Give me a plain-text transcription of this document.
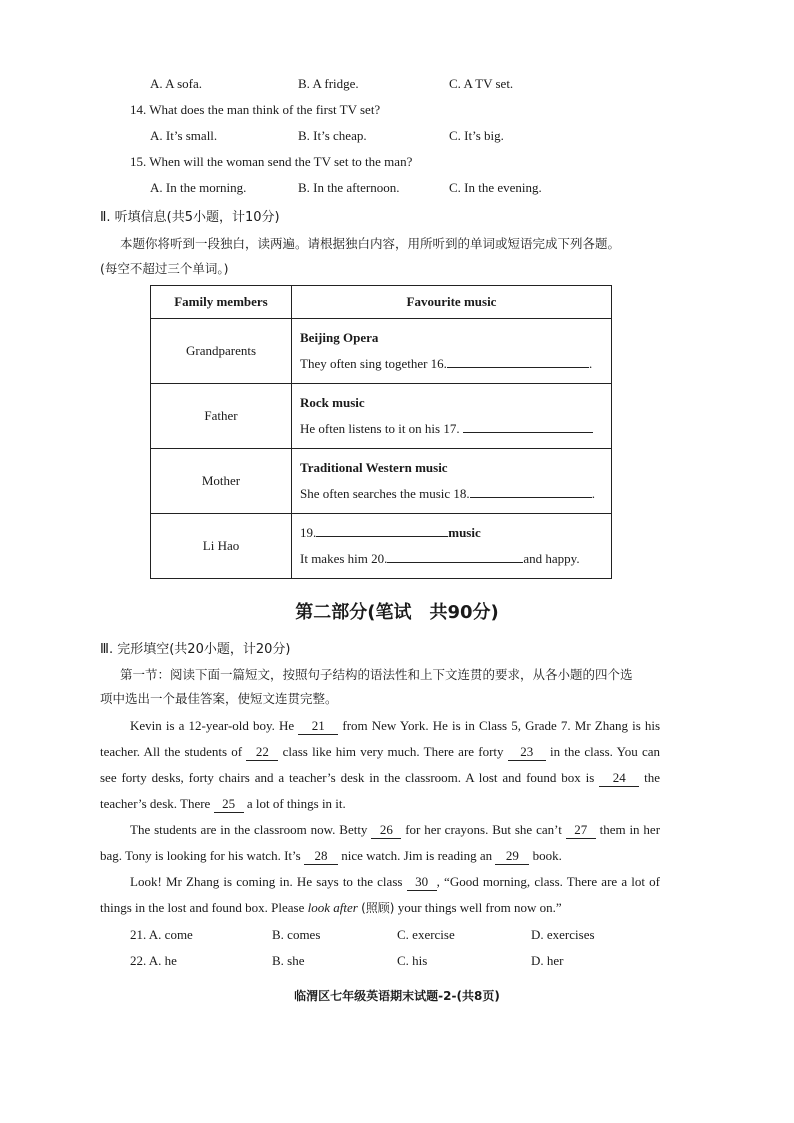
A. A sofa.	B. A fridge.	C. A TV set.
14. What does the man think of the first TV set?
A. It’s small.	B. It’s cheap.	C. It’s big.
15. When will the woman send the TV set to the man?
A. In the morning.	B. In the afternoon.	C. In the evening.
Ⅱ. 听填信息(共5小题，计10分)
本题你将听到一段独白，读两遍。请根据独白内容，用所听到的单词或短语完成下列各题。
(每空不超过三个单词。)
Family members	Favourite music
Grandparents	Beijing Opera
They often sing together 16. .

Father	Rock music
He often listens to it on his 17.

Mother	Traditional Western music
She often searches the music 18. .

Li Hao	19. music
It makes him 20. and happy.
第二部分(笔试　共90分)
Ⅲ. 完形填空(共20小题，计20分)
第一节：阅读下面一篇短文，按照句子结构的语法性和上下文连贯的要求，从各小题的四个选
项中选出一个最佳答案，使短文连贯完整。
Kevin is a 12-year-old boy. He 21 from New York. He is in Class 5, Grade 7. Mr Zhang is his teacher. All the students of 22 class like him very much. There are forty 23 in the class. You can see forty desks, forty chairs and a teacher’s desk in the classroom. A lost and found box is 24 the teacher’s desk. There 25 a lot of things in it.
The students are in the classroom now. Betty 26 for her crayons. But she can’t 27 them in her bag. Tony is looking for his watch. It’s 28 nice watch. Jim is reading an 29 book.
Look! Mr Zhang is coming in. He says to the class 30 , “Good morning, class. There are a lot of things in the lost and found box. Please look after (照顾) your things well from now on.”
21. A. come	B. comes	C. exercise	D. exercises
22. A. he	B. she	C. his	D. her
临渭区七年级英语期末试题-2-(共8页)
